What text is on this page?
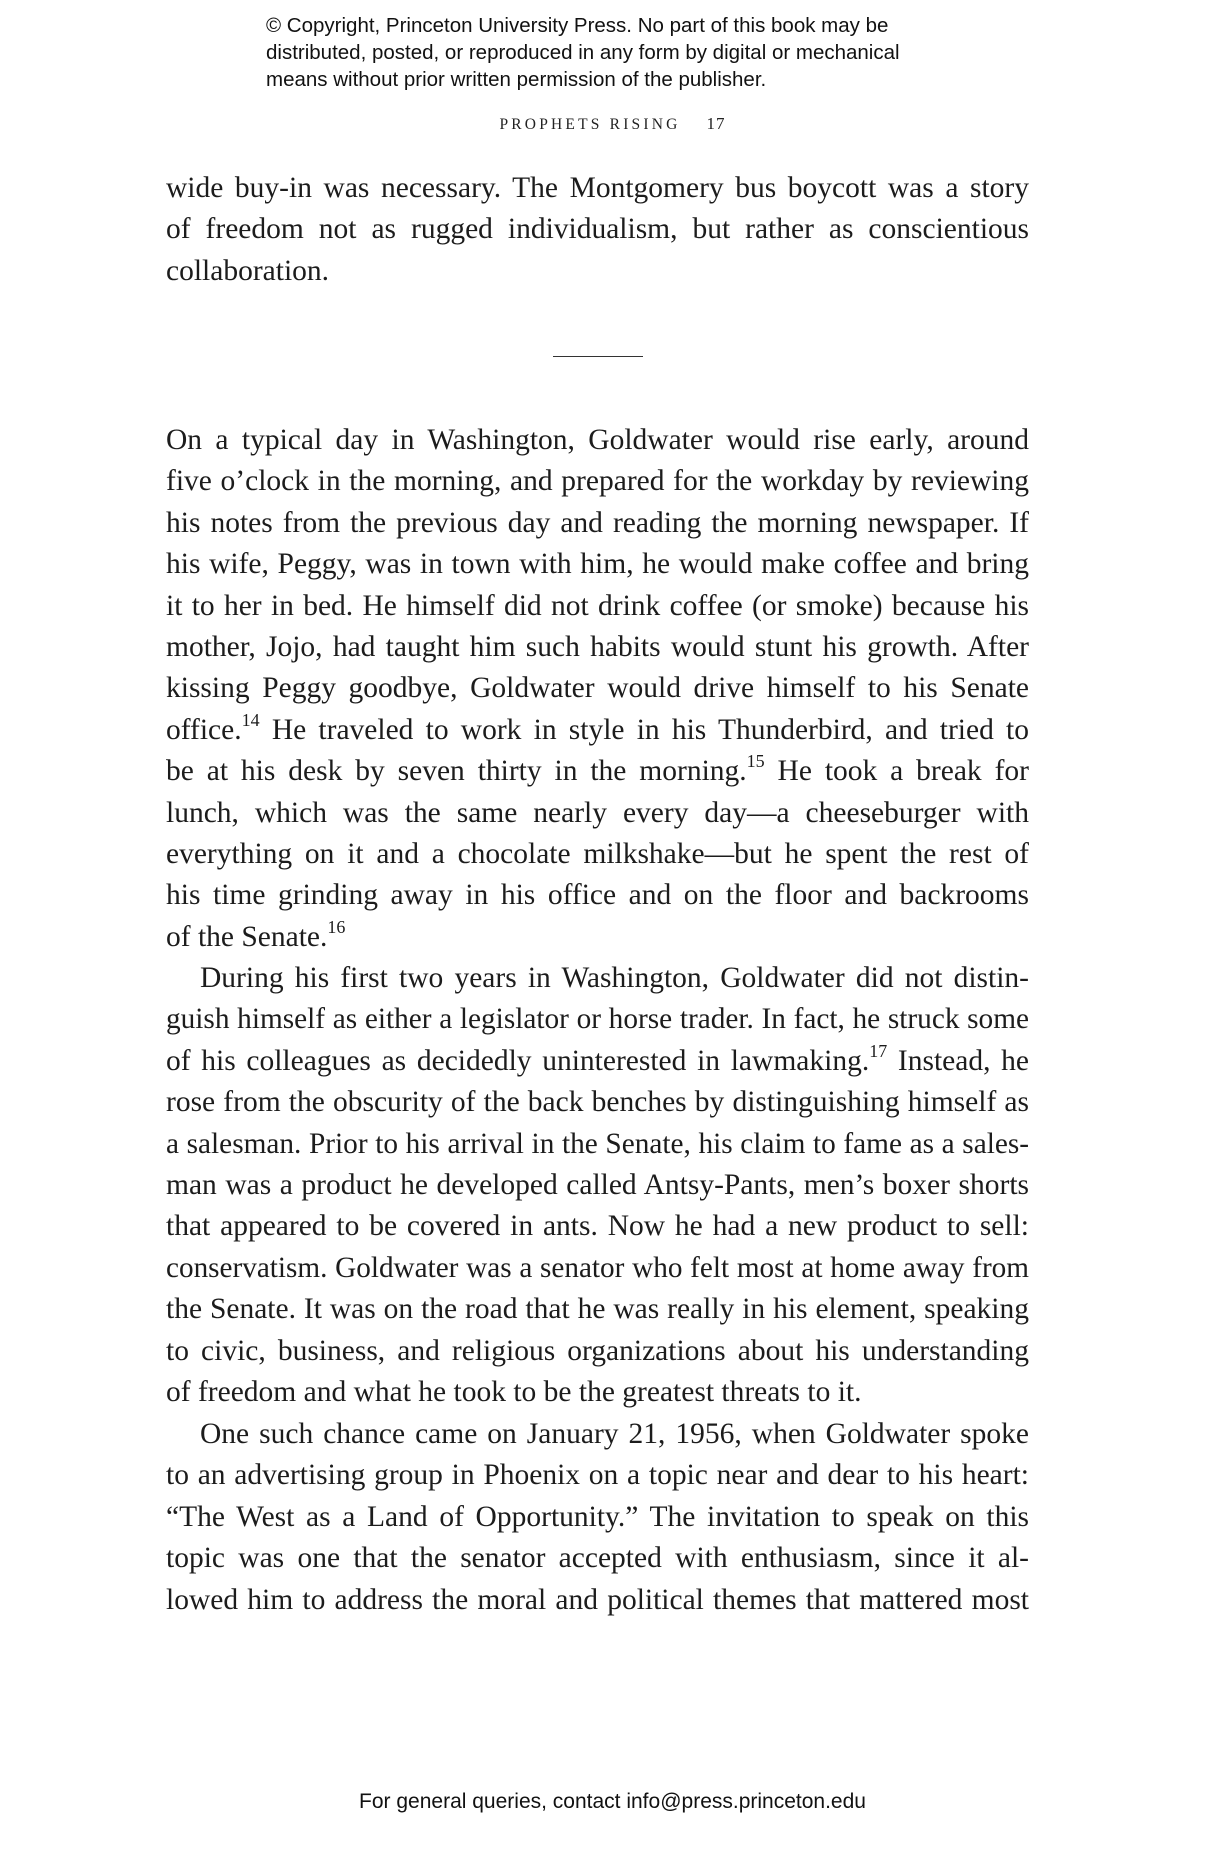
© Copyright, Princeton University Press. No part of this book may be
distributed, posted, or reproduced in any form by digital or mechanical
means without prior written permission of the publisher.
PROPHETS RISING 17
wide buy-in was necessary. The Montgomery bus boycott was a story
of freedom not as rugged individualism, but rather as conscientious
collaboration.
On a typical day in Washington, Goldwater would rise early, around
five o’clock in the morning, and prepared for the workday by reviewing
his notes from the previous day and reading the morning newspaper. If
his wife, Peggy, was in town with him, he would make coffee and bring
it to her in bed. He himself did not drink coffee (or smoke) because his
mother, Jojo, had taught him such habits would stunt his growth. After
kissing Peggy goodbye, Goldwater would drive himself to his Senate
office.$^{14}$ He traveled to work in style in his Thunderbird, and tried to
be at his desk by seven thirty in the morning.$^{15}$ He took a break for
lunch, which was the same nearly every day—a cheeseburger with
everything on it and a chocolate milkshake—but he spent the rest of
his time grinding away in his office and on the floor and backrooms
of the Senate.$^{16}$
During his first two years in Washington, Goldwater did not distin-
guish himself as either a legislator or horse trader. In fact, he struck some
of his colleagues as decidedly uninterested in lawmaking.$^{17}$ Instead, he
rose from the obscurity of the back benches by distinguishing himself as
a salesman. Prior to his arrival in the Senate, his claim to fame as a sales-
man was a product he developed called Antsy-Pants, men’s boxer shorts
that appeared to be covered in ants. Now he had a new product to sell:
conservatism. Goldwater was a senator who felt most at home away from
the Senate. It was on the road that he was really in his element, speaking
to civic, business, and religious organizations about his understanding
of freedom and what he took to be the greatest threats to it.
One such chance came on January 21, 1956, when Goldwater spoke
to an advertising group in Phoenix on a topic near and dear to his heart:
“The West as a Land of Opportunity.” The invitation to speak on this
topic was one that the senator accepted with enthusiasm, since it al-
lowed him to address the moral and political themes that mattered most
For general queries, contact info@press.princeton.edu
